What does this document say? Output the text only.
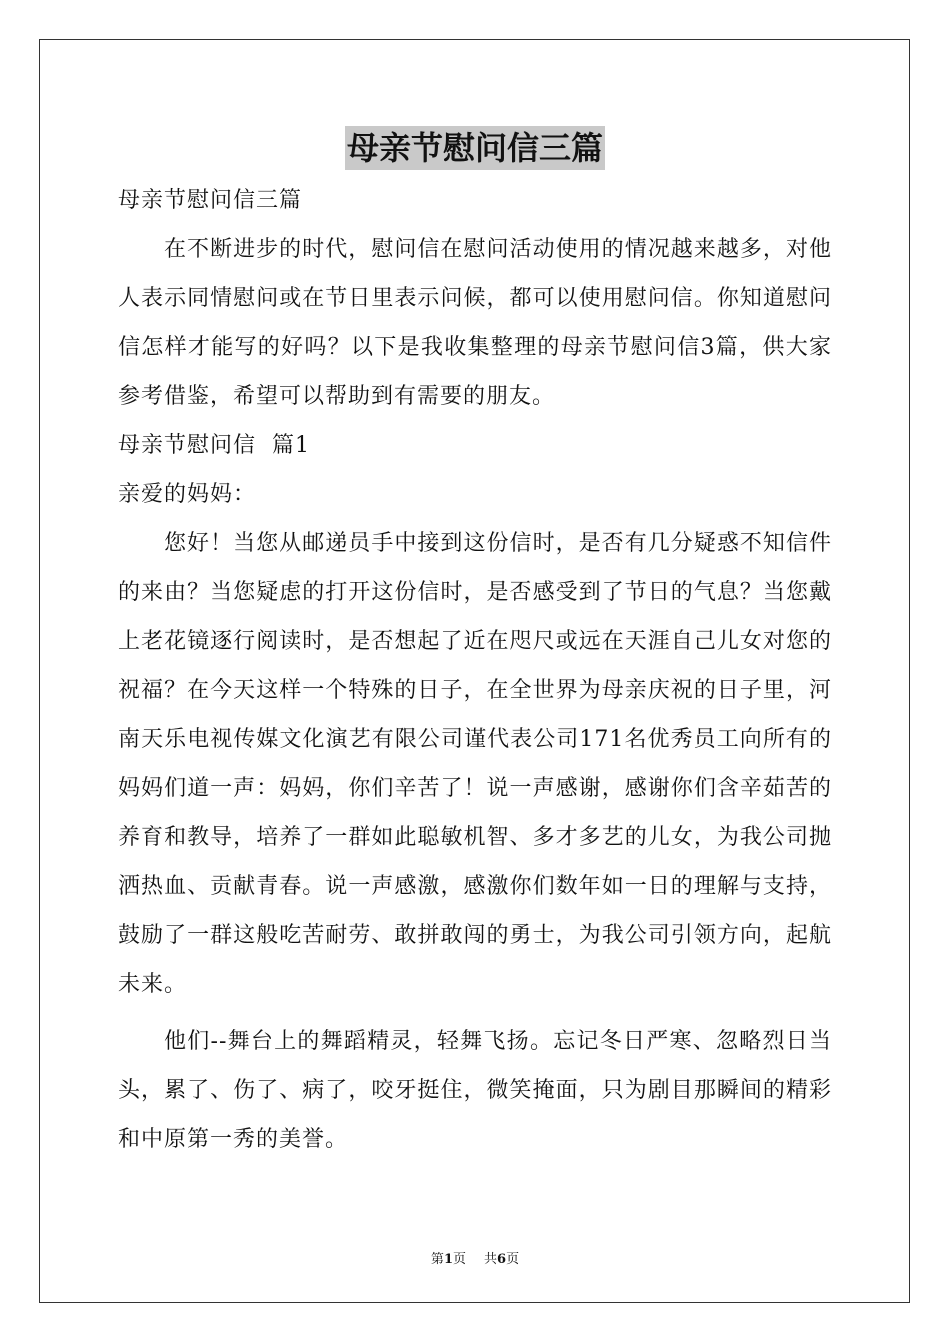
母亲节慰问信三篇
母亲节慰问信三篇
在不断进步的时代，慰问信在慰问活动使用的情况越来越多，对他人表示同情慰问或在节日里表示问候，都可以使用慰问信。你知道慰问信怎样才能写的好吗？以下是我收集整理的母亲节慰问信3篇，供大家参考借鉴，希望可以帮助到有需要的朋友。
母亲节慰问信  篇1
亲爱的妈妈：
您好！当您从邮递员手中接到这份信时，是否有几分疑惑不知信件的来由？当您疑虑的打开这份信时，是否感受到了节日的气息？当您戴上老花镜逐行阅读时，是否想起了近在咫尺或远在天涯自己儿女对您的祝福？在今天这样一个特殊的日子，在全世界为母亲庆祝的日子里，河南天乐电视传媒文化演艺有限公司谨代表公司171名优秀员工向所有的妈妈们道一声：妈妈，你们辛苦了！说一声感谢，感谢你们含辛茹苦的养育和教导，培养了一群如此聪敏机智、多才多艺的儿女，为我公司抛洒热血、贡献青春。说一声感激，感激你们数年如一日的理解与支持，鼓励了一群这般吃苦耐劳、敢拼敢闯的勇士，为我公司引领方向，起航未来。
他们--舞台上的舞蹈精灵，轻舞飞扬。忘记冬日严寒、忽略烈日当头，累了、伤了、病了，咬牙挺住，微笑掩面，只为剧目那瞬间的精彩和中原第一秀的美誉。
第1页 共6页
